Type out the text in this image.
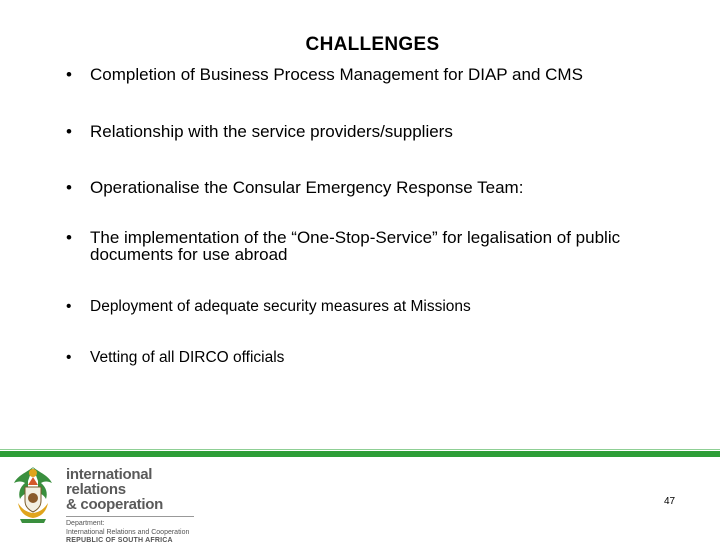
CHALLENGES
•	Completion of Business Process Management for DIAP and CMS
•	Relationship with the service providers/suppliers
•	Operationalise the Consular Emergency Response Team:
•	The implementation of the “One-Stop-Service” for legalisation of public documents for use abroad
•	Deployment of adequate security measures at Missions
•	Vetting of all DIRCO officials
international relations
& cooperation
Department:
International Relations and Cooperation
REPUBLIC OF SOUTH AFRICA
47
